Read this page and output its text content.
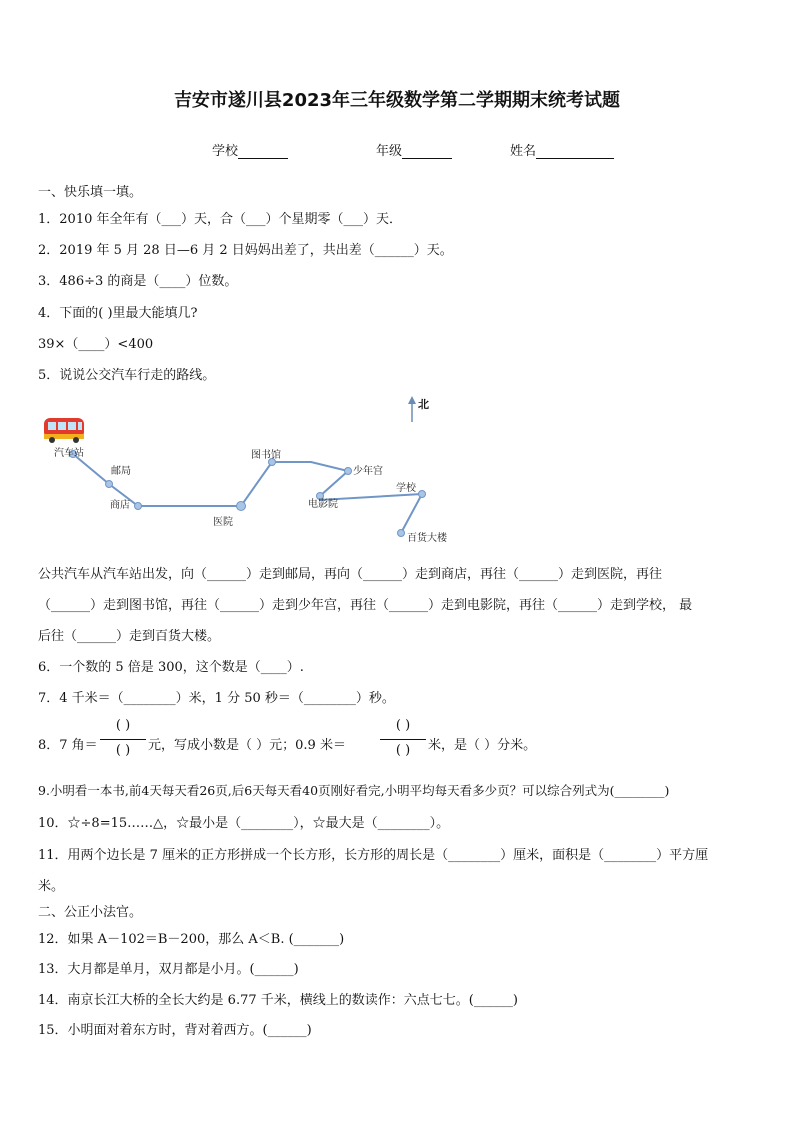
吉安市遂川县2023年三年级数学第二学期期末统考试题
学校	年级	姓名
一、快乐填一填。
1．2010 年全年有（___）天，合（___）个星期零（___）天．
2．2019 年 5 月 28 日—6 月 2 日妈妈出差了，共出差（______）天。
3．486÷3 的商是（____）位数。
4．下面的( )里最大能填几?
39×（____）<400
5．说说公交汽车行走的路线。
北
汽车站
邮局
商店
医院
图书馆
少年宫
电影院
学校
百货大楼
公共汽车从汽车站出发，向（______）走到邮局，再向（______）走到商店，再往（______）走到医院，再往
（______）走到图书馆，再往（______）走到少年宫，再往（______）走到电影院，再往（______）走到学校， 最
后往（______）走到百货大楼。
6．一个数的 5 倍是 300，这个数是（____）.
7．4 千米＝（________）米，1 分 50 秒＝（________）秒。
8．7 角＝
( )
( )	元，写成小数是（ ）元；0.9 米＝
( )
( )	米，是（ ）分米。
9.小明看一本书,前4天每天看26页,后6天每天看40页刚好看完,小明平均每天看多少页？可以综合列式为(________)
10．☆÷8=15……△，☆最小是（________），☆最大是（________）。
11．用两个边长是 7 厘米的正方形拼成一个长方形，长方形的周长是（________）厘米，面积是（________）平方厘
米。
二、公正小法官。
12．如果 A－102＝B－200，那么 A＜B. (_______)
13．大月都是单月，双月都是小月。(______)
14．南京长江大桥的全长大约是 6.77 千米，横线上的数读作：六点七七。(______)
15．小明面对着东方时，背对着西方。(______)
